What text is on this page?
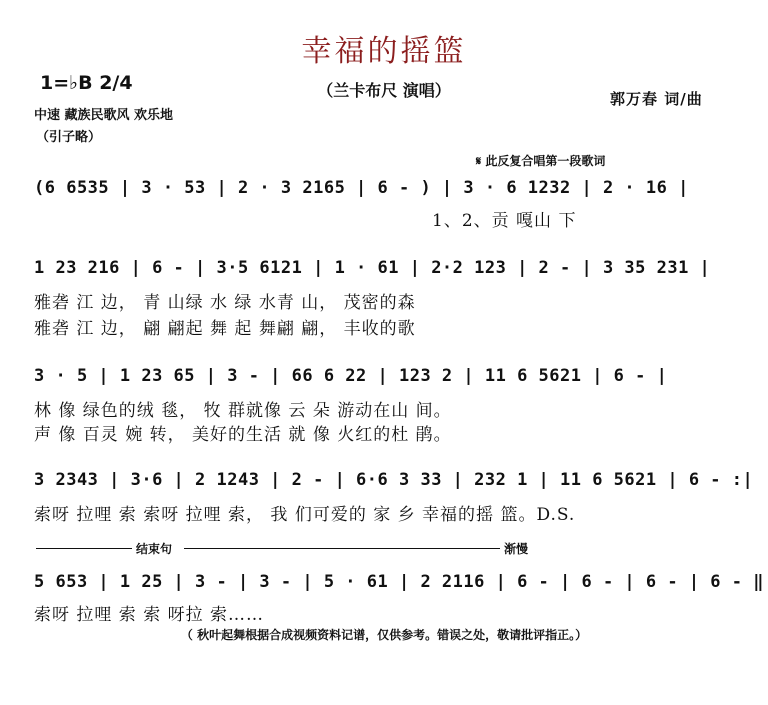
幸福的摇篮
（兰卡布尺 演唱）
1=♭B 2/4
中速 藏族民歌风 欢乐地
（引子略）
郭万春 词/曲
𝄋 此反复合唱第一段歌词
(6 6535 | 3 · 53 | 2 · 3 2165 | 6 - ) | 3 · 6 1232 | 2 · 16 |
1、2、贡 嘎山 下
1 23 216 | 6 - | 3·5 6121 | 1 · 61 | 2·2 123 | 2 - | 3 35 231 |
雅砻 江 边， 青 山绿 水 绿 水青 山， 茂密的森
雅砻 江 边， 翩 翩起 舞 起 舞翩 翩， 丰收的歌
3 · 5 | 1 23 65 | 3 - | 66 6 22 | 123 2 | 11 6 5621 | 6 - |
林 像 绿色的绒 毯， 牧 群就像 云 朵 游动在山 间。
声 像 百灵 婉 转， 美好的生活 就 像 火红的杜 鹃。
3 2343 | 3·6 | 2 1243 | 2 - | 6·6 3 33 | 232 1 | 11 6 5621 | 6 - :|
索呀 拉哩 索 索呀 拉哩 索， 我 们可爱的 家 乡 幸福的摇 篮。D.S.
结束句	渐慢
5 653 | 1 25 | 3 - | 3 - | 5 · 61 | 2 2116 | 6 - | 6 - | 6 - | 6 - ‖
索呀 拉哩 索 索 呀拉 索……
（ 秋叶起舞根据合成视频资料记谱，仅供参考。错误之处，敬请批评指正。）
